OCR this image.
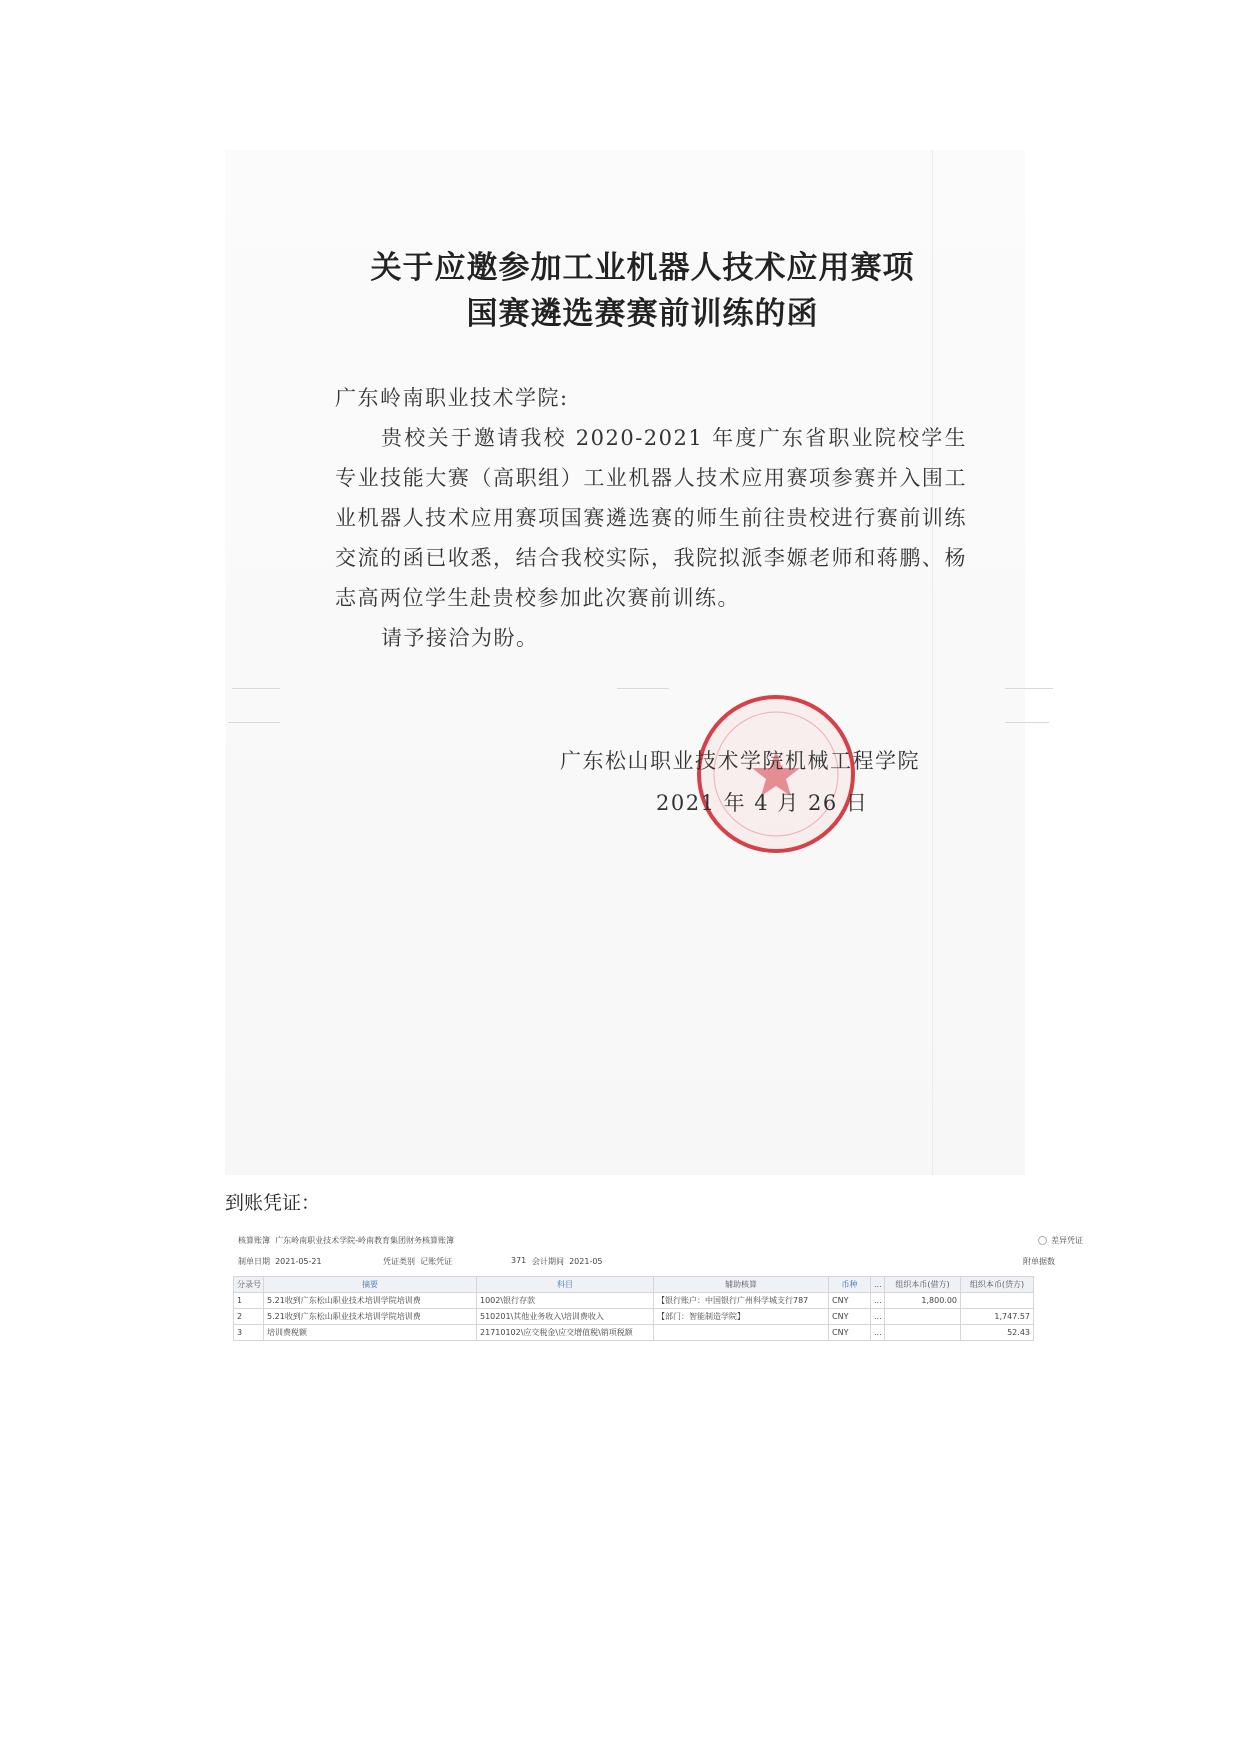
关于应邀参加工业机器人技术应用赛项
国赛遴选赛赛前训练的函

广东岭南职业技术学院:

贵校关于邀请我校 2020-2021 年度广东省职业院校学生专业技能大赛（高职组）工业机器人技术应用赛项参赛并入围工业机器人技术应用赛项国赛遴选赛的师生前往贵校进行赛前训练交流的函已收悉，结合我校实际，我院拟派李嫄老师和蒋鹏、杨志高两位学生赴贵校参加此次赛前训练。

请予接洽为盼。

广东松山职业技术学院机械工程学院
2021 年 4 月 26 日
到账凭证：
核算账簿 广东岭南职业技术学院-岭南教育集团财务核算账簿	差异凭证
制单日期 2021-05-21	凭证类别 记账凭证	371 会计期间 2021-05	附单据数
分录号	摘要	科目	辅助核算	币种	...	组织本币(借方)	组织本币(贷方)	
1	5.21收到广东松山职业技术培训学院培训费	1002\银行存款	【银行账户：中国银行广州科学城支行787	CNY	...	1,800.00		
2	5.21收到广东松山职业技术培训学院培训费	510201\其他业务收入\培训费收入	【部门：智能制造学院】	CNY	...		1,747.57	
3	培训费税额	21710102\应交税金\应交增值税\销项税额		CNY	...		52.43	
